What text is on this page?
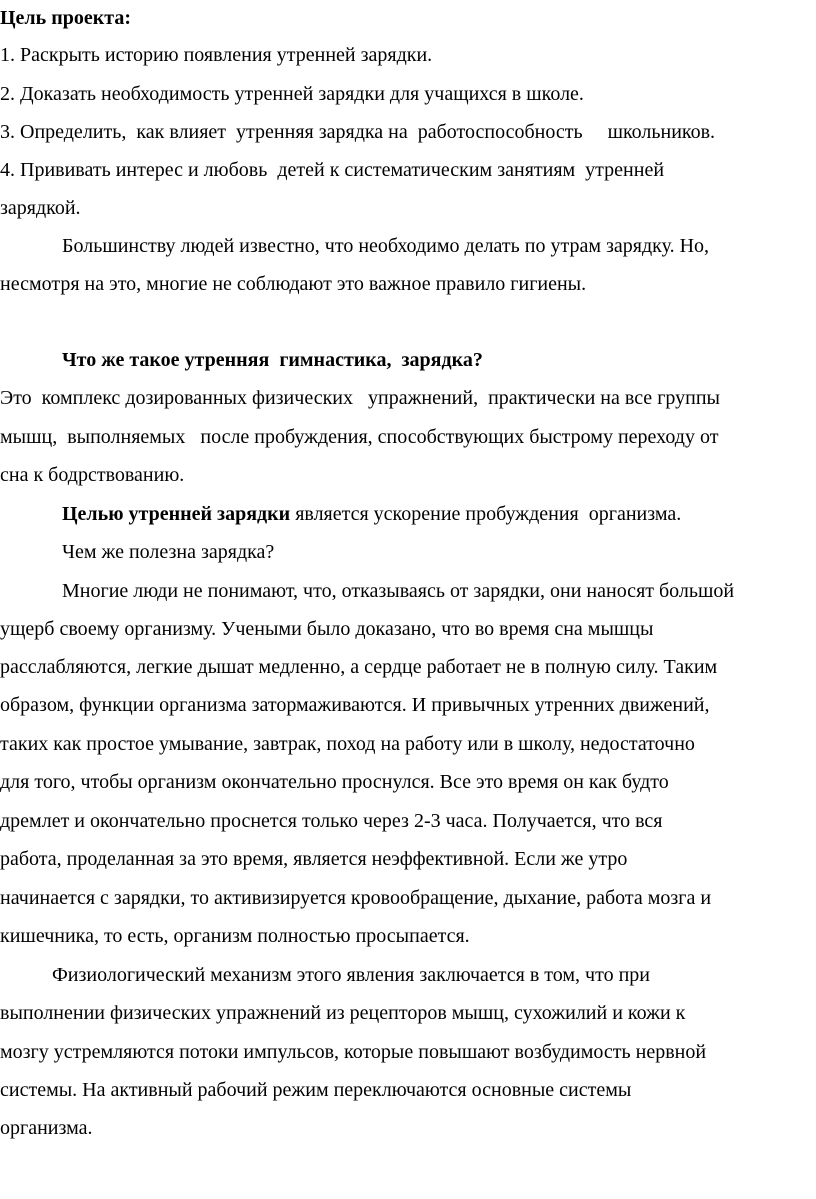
Цель проекта:
1. Раскрыть историю появления утренней зарядки.
2. Доказать необходимость утренней зарядки для учащихся в школе.
3. Определить,  как влияет  утренняя зарядка на  работоспособность     школьников.
4. Прививать интерес и любовь  детей к систематическим занятиям  утренней
зарядкой.
Большинству людей известно, что необходимо делать по утрам зарядку. Но,
несмотря на это, многие не соблюдают это важное правило гигиены.
Что же такое утренняя  гимнастика,  зарядка?
Это  комплекс дозированных физических   упражнений,  практически на все группы
мышц,  выполняемых   после пробуждения, способствующих быстрому переходу от
сна к бодрствованию.
Целью утренней зарядки является ускорение пробуждения  организма.
Чем же полезна зарядка?
Многие люди не понимают, что, отказываясь от зарядки, они наносят большой
ущерб своему организму. Учеными было доказано, что во время сна мышцы
расслабляются, легкие дышат медленно, а сердце работает не в полную силу. Таким
образом, функции организма затормаживаются. И привычных утренних движений,
таких как простое умывание, завтрак, поход на работу или в школу, недостаточно
для того, чтобы организм окончательно проснулся. Все это время он как будто
дремлет и окончательно проснется только через 2-3 часа. Получается, что вся
работа, проделанная за это время, является неэффективной. Если же утро
начинается с зарядки, то активизируется кровообращение, дыхание, работа мозга и
кишечника, то есть, организм полностью просыпается.
Физиологический механизм этого явления заключается в том, что при
выполнении физических упражнений из рецепторов мышц, сухожилий и кожи к
мозгу устремляются потоки импульсов, которые повышают возбудимость нервной
системы. На активный рабочий режим переключаются основные системы
организма.
